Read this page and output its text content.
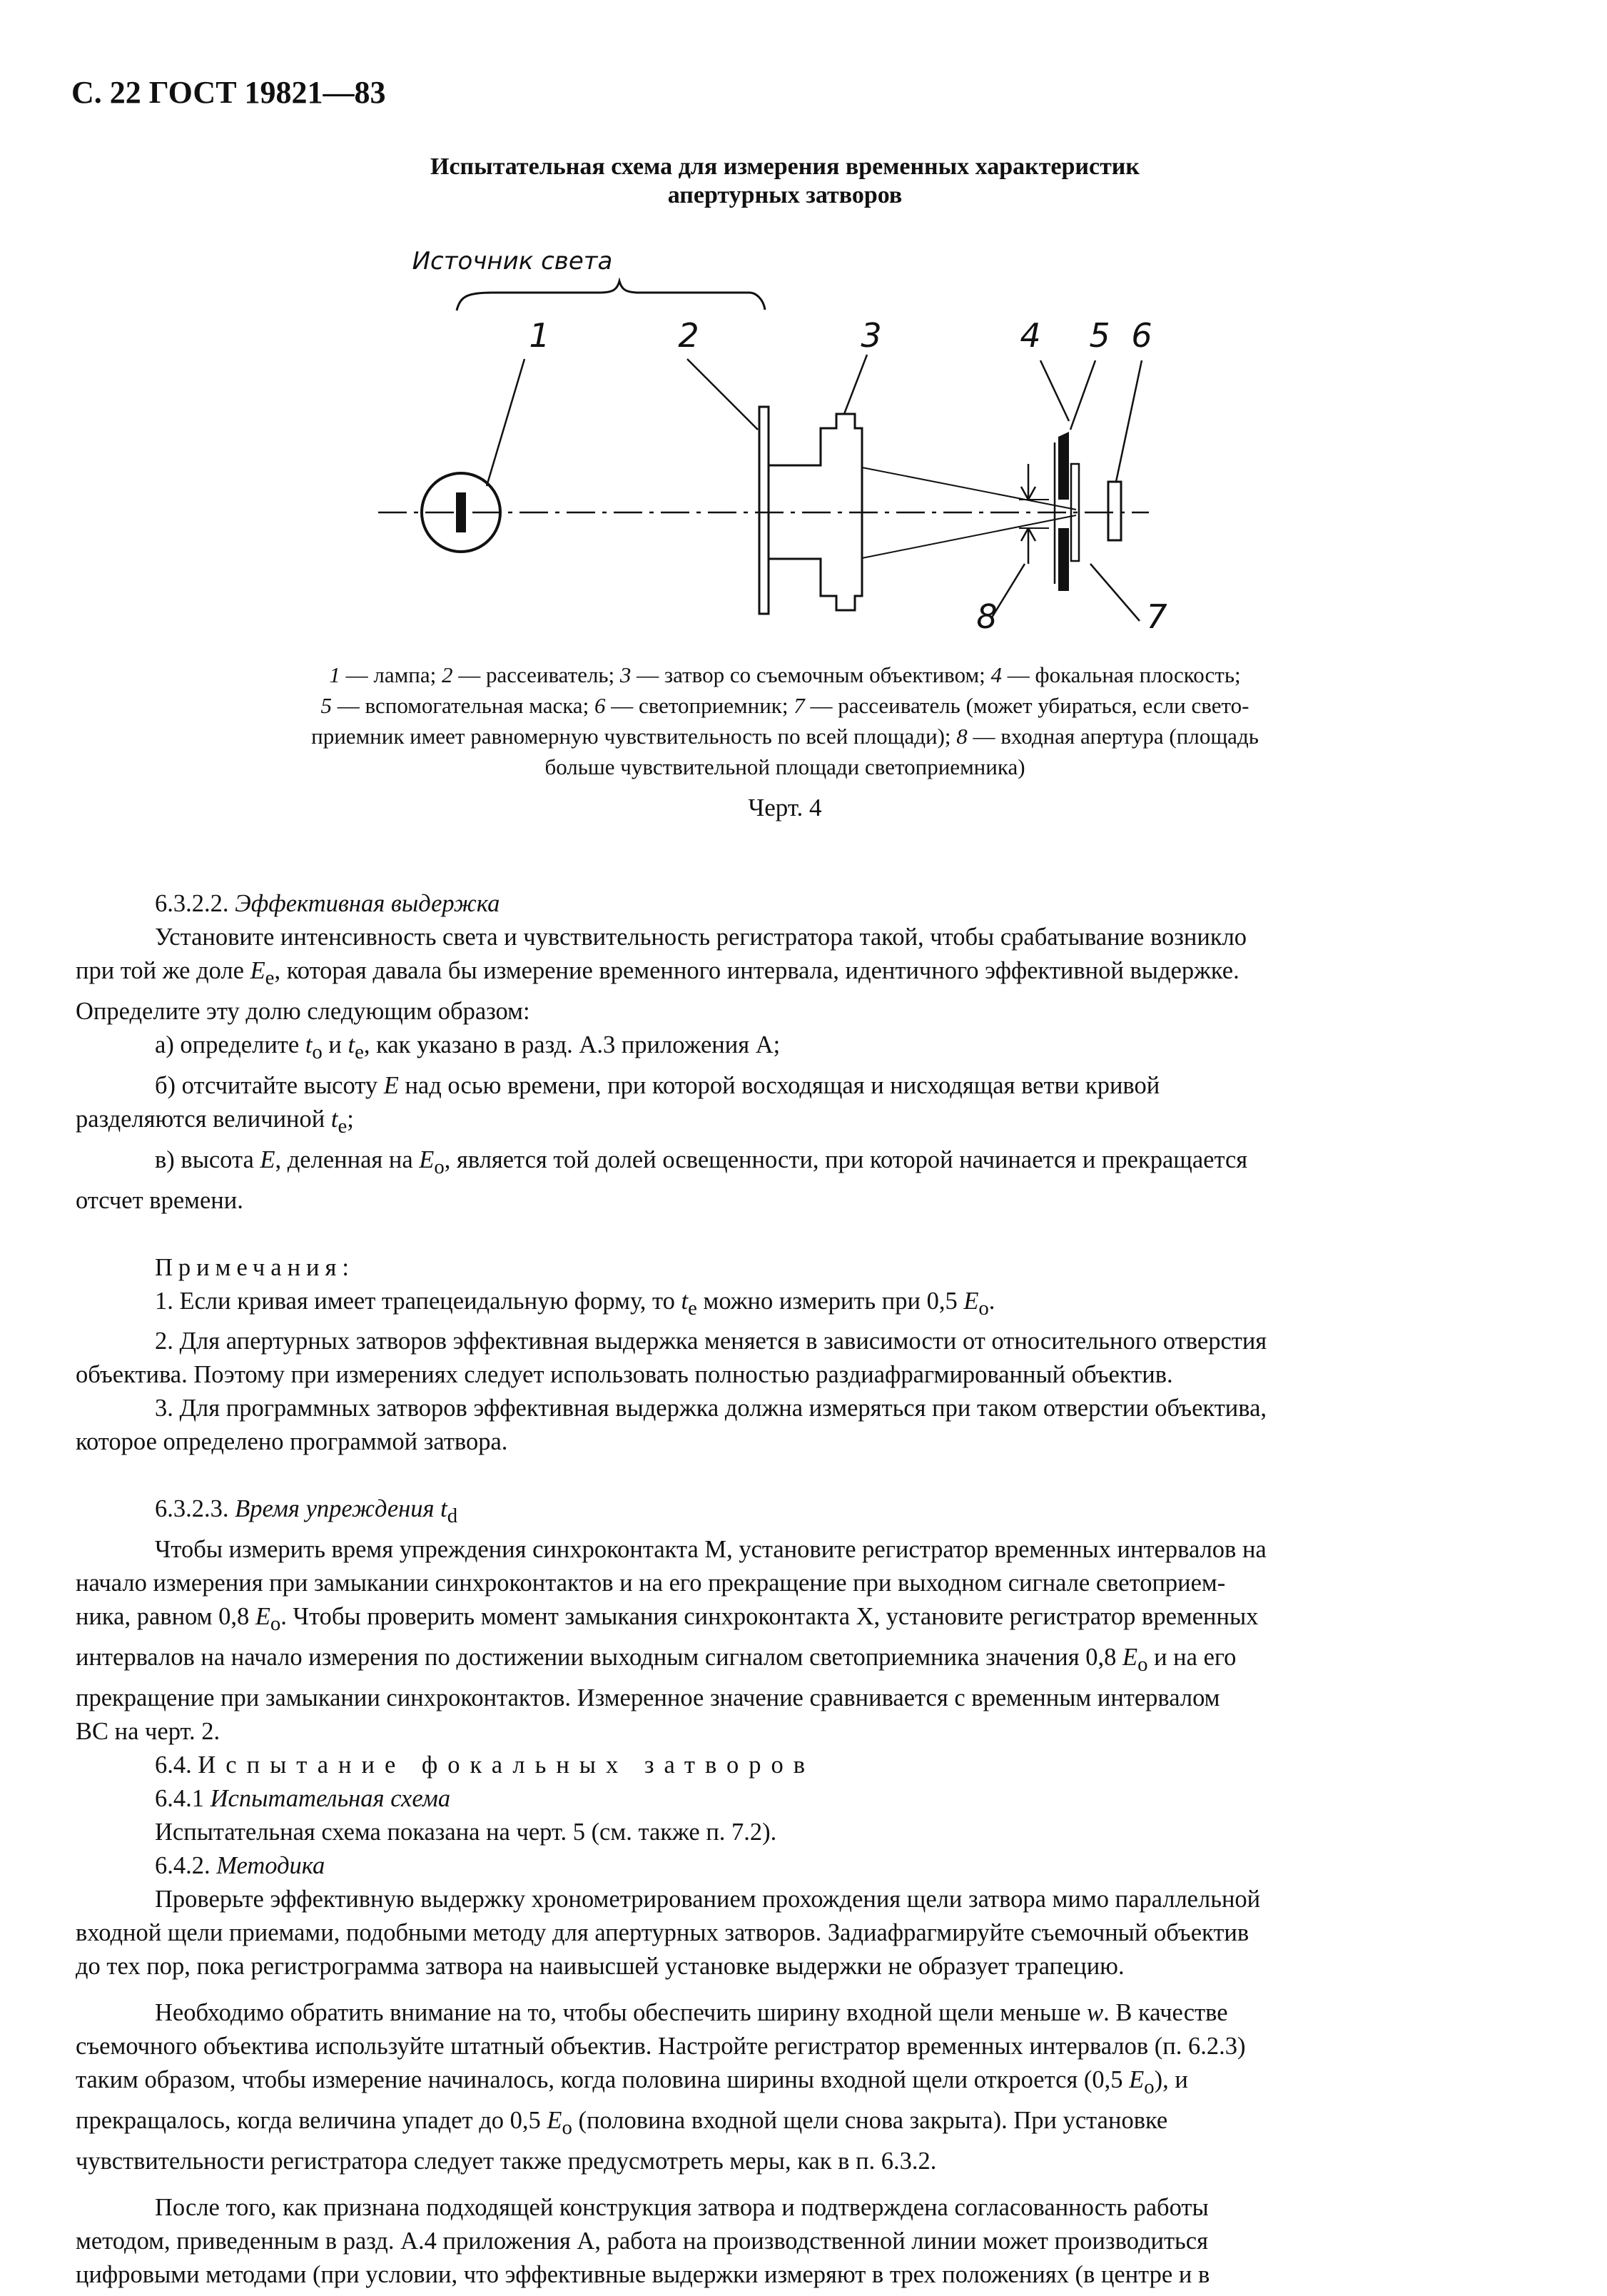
С. 22 ГОСТ 19821—83
Испытательная схема для измерения временных характеристик
апертурных затворов
Источник света
1	2	3	4 5 6
8	7
1 — лампа; 2 — рассеиватель; 3 — затвор со съемочным объективом; 4 — фокальная плоскость;
5 — вспомогательная маска; 6 — светоприемник; 7 — рассеиватель (может убираться, если свето-
приемник имеет равномерную чувствительность по всей площади); 8 — входная апертура (площадь
больше чувствительной площади светоприемника)
Черт. 4

6.3.2.2. Эффективная выдержка

Установите интенсивность света и чувствительность регистратора такой, чтобы срабатывание возникло

при той же доле $E_e$, которая давала бы измерение временного интервала, идентичного эффективной выдержке.

Определите эту долю следующим образом:

а) определите $t_o$ и $t_e$, как указано в разд. А.3 приложения А;

б) отсчитайте высоту E над осью времени, при которой восходящая и нисходящая ветви кривой

разделяются величиной $t_e$;

в) высота E, деленная на $E_o$, является той долей освещенности, при которой начинается и прекращается

отсчет времени.

Примечания:

1. Если кривая имеет трапецеидальную форму, то $t_e$ можно измерить при 0,5 $E_o$.

2. Для апертурных затворов эффективная выдержка меняется в зависимости от относительного отверстия

объектива. Поэтому при измерениях следует использовать полностью раздиафрагмированный объектив.

3. Для программных затворов эффективная выдержка должна измеряться при таком отверстии объектива,

которое определено программой затвора.

6.3.2.3. Время упреждения $t_d$

Чтобы измерить время упреждения синхроконтакта М, установите регистратор временных интервалов на

начало измерения при замыкании синхроконтактов и на его прекращение при выходном сигнале светоприем-

ника, равном 0,8 $E_o$. Чтобы проверить момент замыкания синхроконтакта X, установите регистратор временных

интервалов на начало измерения по достижении выходным сигналом светоприемника значения 0,8 $E_o$ и на его

прекращение при замыкании синхроконтактов. Измеренное значение сравнивается с временным интервалом

ВС на черт. 2.

6.4. Испытание фокальных затворов

6.4.1 Испытательная схема

Испытательная схема показана на черт. 5 (см. также п. 7.2).

6.4.2. Методика

Проверьте эффективную выдержку хронометрированием прохождения щели затвора мимо параллельной

входной щели приемами, подобными методу для апертурных затворов. Задиафрагмируйте съемочный объектив

до тех пор, пока регистрограмма затвора на наивысшей установке выдержки не образует трапецию.

Необходимо обратить внимание на то, чтобы обеспечить ширину входной щели меньше w. В качестве

съемочного объектива используйте штатный объектив. Настройте регистратор временных интервалов (п. 6.2.3)

таким образом, чтобы измерение начиналось, когда половина ширины входной щели откроется (0,5 $E_o$), и

прекращалось, когда величина упадет до 0,5 $E_o$ (половина входной щели снова закрыта). При установке

чувствительности регистратора следует также предусмотреть меры, как в п. 6.3.2.

После того, как признана подходящей конструкция затвора и подтверждена согласованность работы

методом, приведенным в разд. А.4 приложения А, работа на производственной линии может производиться

цифровыми методами (при условии, что эффективные выдержки измеряют в трех положениях (в центре и в
